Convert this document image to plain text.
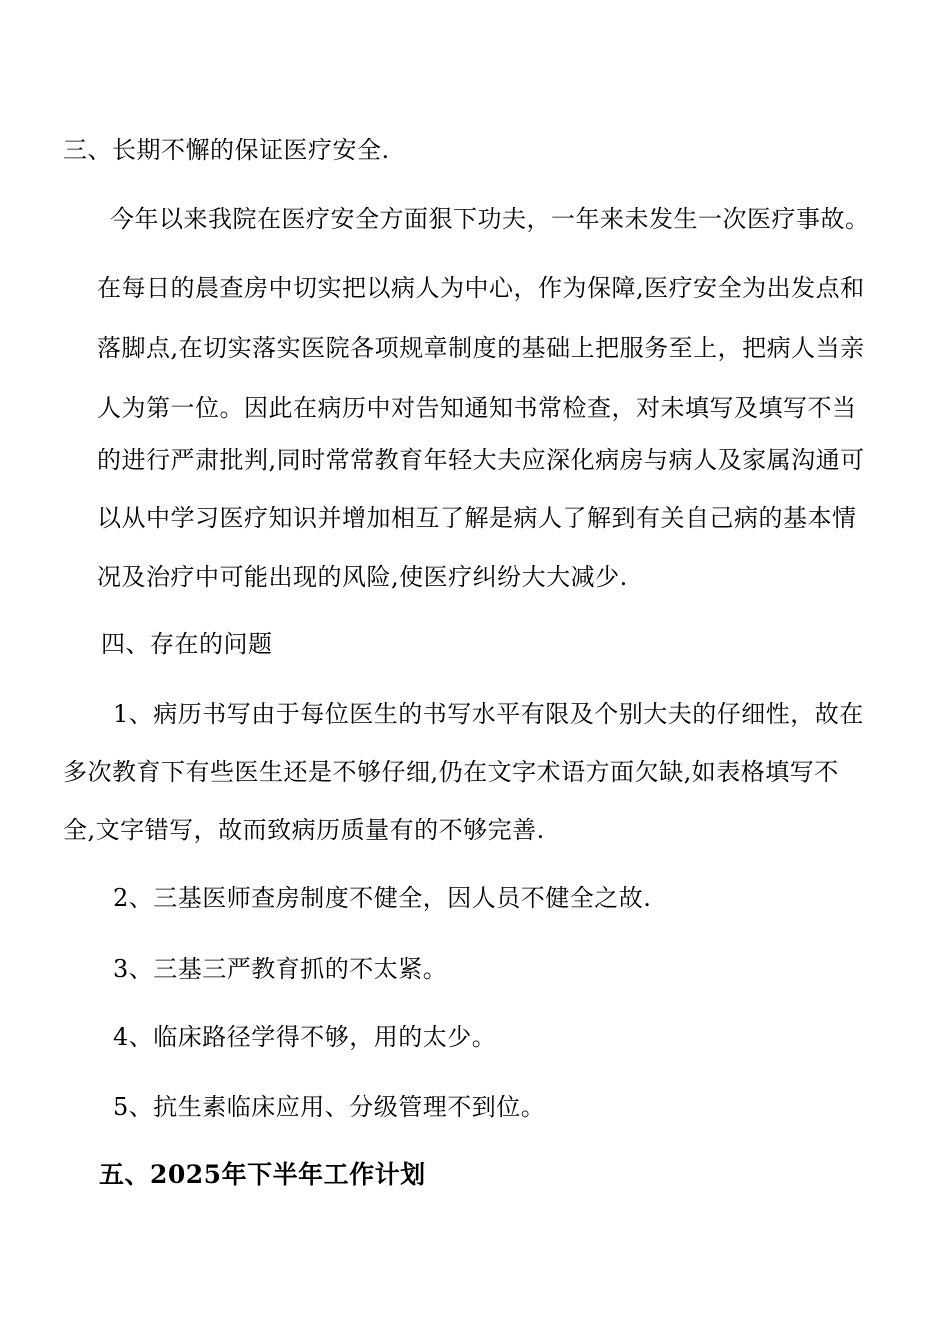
三、长期不懈的保证医疗安全.
今年以来我院在医疗安全方面狠下功夫，一年来未发生一次医疗事故。
在每日的晨查房中切实把以病人为中心，作为保障,医疗安全为出发点和
落脚点,在切实落实医院各项规章制度的基础上把服务至上，把病人当亲
人为第一位。因此在病历中对告知通知书常检查，对未填写及填写不当
的进行严肃批判,同时常常教育年轻大夫应深化病房与病人及家属沟通可
以从中学习医疗知识并增加相互了解是病人了解到有关自己病的基本情
况及治疗中可能出现的风险,使医疗纠纷大大减少.
四、存在的问题
1、病历书写由于每位医生的书写水平有限及个别大夫的仔细性，故在
多次教育下有些医生还是不够仔细,仍在文字术语方面欠缺,如表格填写不
全,文字错写，故而致病历质量有的不够完善.
2、三基医师查房制度不健全，因人员不健全之故.
3、三基三严教育抓的不太紧。
4、临床路径学得不够，用的太少。
5、抗生素临床应用、分级管理不到位。
五、2025年下半年工作计划
